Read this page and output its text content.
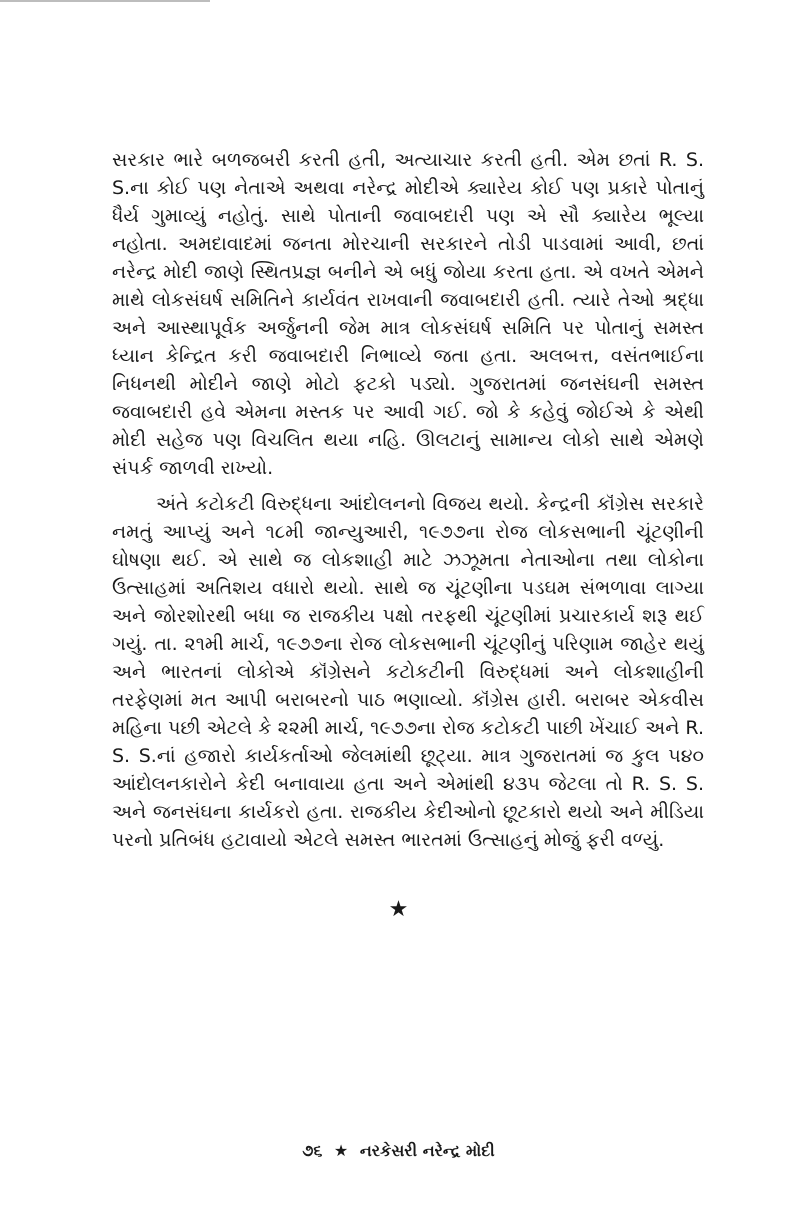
સરકાર ભારે બળજબરી કરતી હતી, અત્યાચાર કરતી હતી. એમ છતાં R. S. S.ના કોઈ પણ નેતાએ અથવા નરેન્દ્ર મોદીએ ક્યારેય કોઈ પણ પ્રકારે પોતાનું ધૈર્ય ગુમાવ્યું નહોતું. સાથે પોતાની જવાબદારી પણ એ સૌ ક્યારેય ભૂલ્યા નહોતા. અમદાવાદમાં જનતા મોરચાની સરકારને તોડી પાડવામાં આવી, છતાં નરેન્દ્ર મોદી જાણે સ્થિતપ્રજ્ઞ બનીને એ બધું જોયા કરતા હતા. એ વખતે એમને માથે લોકસંઘર્ષ સમિતિને કાર્યવંત રાખવાની જવાબદારી હતી. ત્યારે તેઓ શ્રદ્ધા અને આસ્થાપૂર્વક અર્જુનની જેમ માત્ર લોકસંઘર્ષ સમિતિ પર પોતાનું સમસ્ત ધ્યાન કેન્દ્રિત કરી જવાબદારી નિભાવ્યે જતા હતા. અલબત્ત, વસંતભાઈના નિધનથી મોદીને જાણે મોટો ફટકો પડ્યો. ગુજરાતમાં જનસંઘની સમસ્ત જવાબદારી હવે એમના મસ્તક પર આવી ગઈ. જો કે કહેવું જોઈએ કે એથી મોદી સહેજ પણ વિચલિત થયા નહિ. ઊલટાનું સામાન્ય લોકો સાથે એમણે સંપર્ક જાળવી રાખ્યો.

અંતે કટોકટી વિરુદ્ધના આંદોલનનો વિજય થયો. કેન્દ્રની કૉંગ્રેસ સરકારે નમતું આપ્યું અને ૧૮મી જાન્યુઆરી, ૧૯૭૭ના રોજ લોકસભાની ચૂંટણીની ઘોષણા થઈ. એ સાથે જ લોકશાહી માટે ઝઝૂમતા નેતાઓના તથા લોકોના ઉત્સાહમાં અતિશય વધારો થયો. સાથે જ ચૂંટણીના પડઘમ સંભળાવા લાગ્યા અને જોરશોરથી બધા જ રાજકીય પક્ષો તરફથી ચૂંટણીમાં પ્રચારકાર્ય શરૂ થઈ ગયું. તા. ૨૧મી માર્ચ, ૧૯૭૭ના રોજ લોકસભાની ચૂંટણીનું પરિણામ જાહેર થયું અને ભારતનાં લોકોએ કૉંગ્રેસને કટોકટીની વિરુદ્ધમાં અને લોકશાહીની તરફેણમાં મત આપી બરાબરનો પાઠ ભણાવ્યો. કૉંગ્રેસ હારી. બરાબર એકવીસ મહિના પછી એટલે કે ૨૨મી માર્ચ, ૧૯૭૭ના રોજ કટોકટી પાછી ખેંચાઈ અને R. S. S.નાં હજારો કાર્યકર્તાઓ જેલમાંથી છૂટ્યા. માત્ર ગુજરાતમાં જ કુલ ૫૪૦ આંદોલનકારોને કેદી બનાવાયા હતા અને એમાંથી ૪૩૫ જેટલા તો R. S. S. અને જનસંઘના કાર્યકરો હતા. રાજકીય કેદીઓનો છૂટકારો થયો અને મીડિયા પરનો પ્રતિબંધ હટાવાયો એટલે સમસ્ત ભારતમાં ઉત્સાહનું મોજું ફરી વળ્યું.

★
૭૬ ★ નરકેસરી નરેન્દ્ર મોદી
